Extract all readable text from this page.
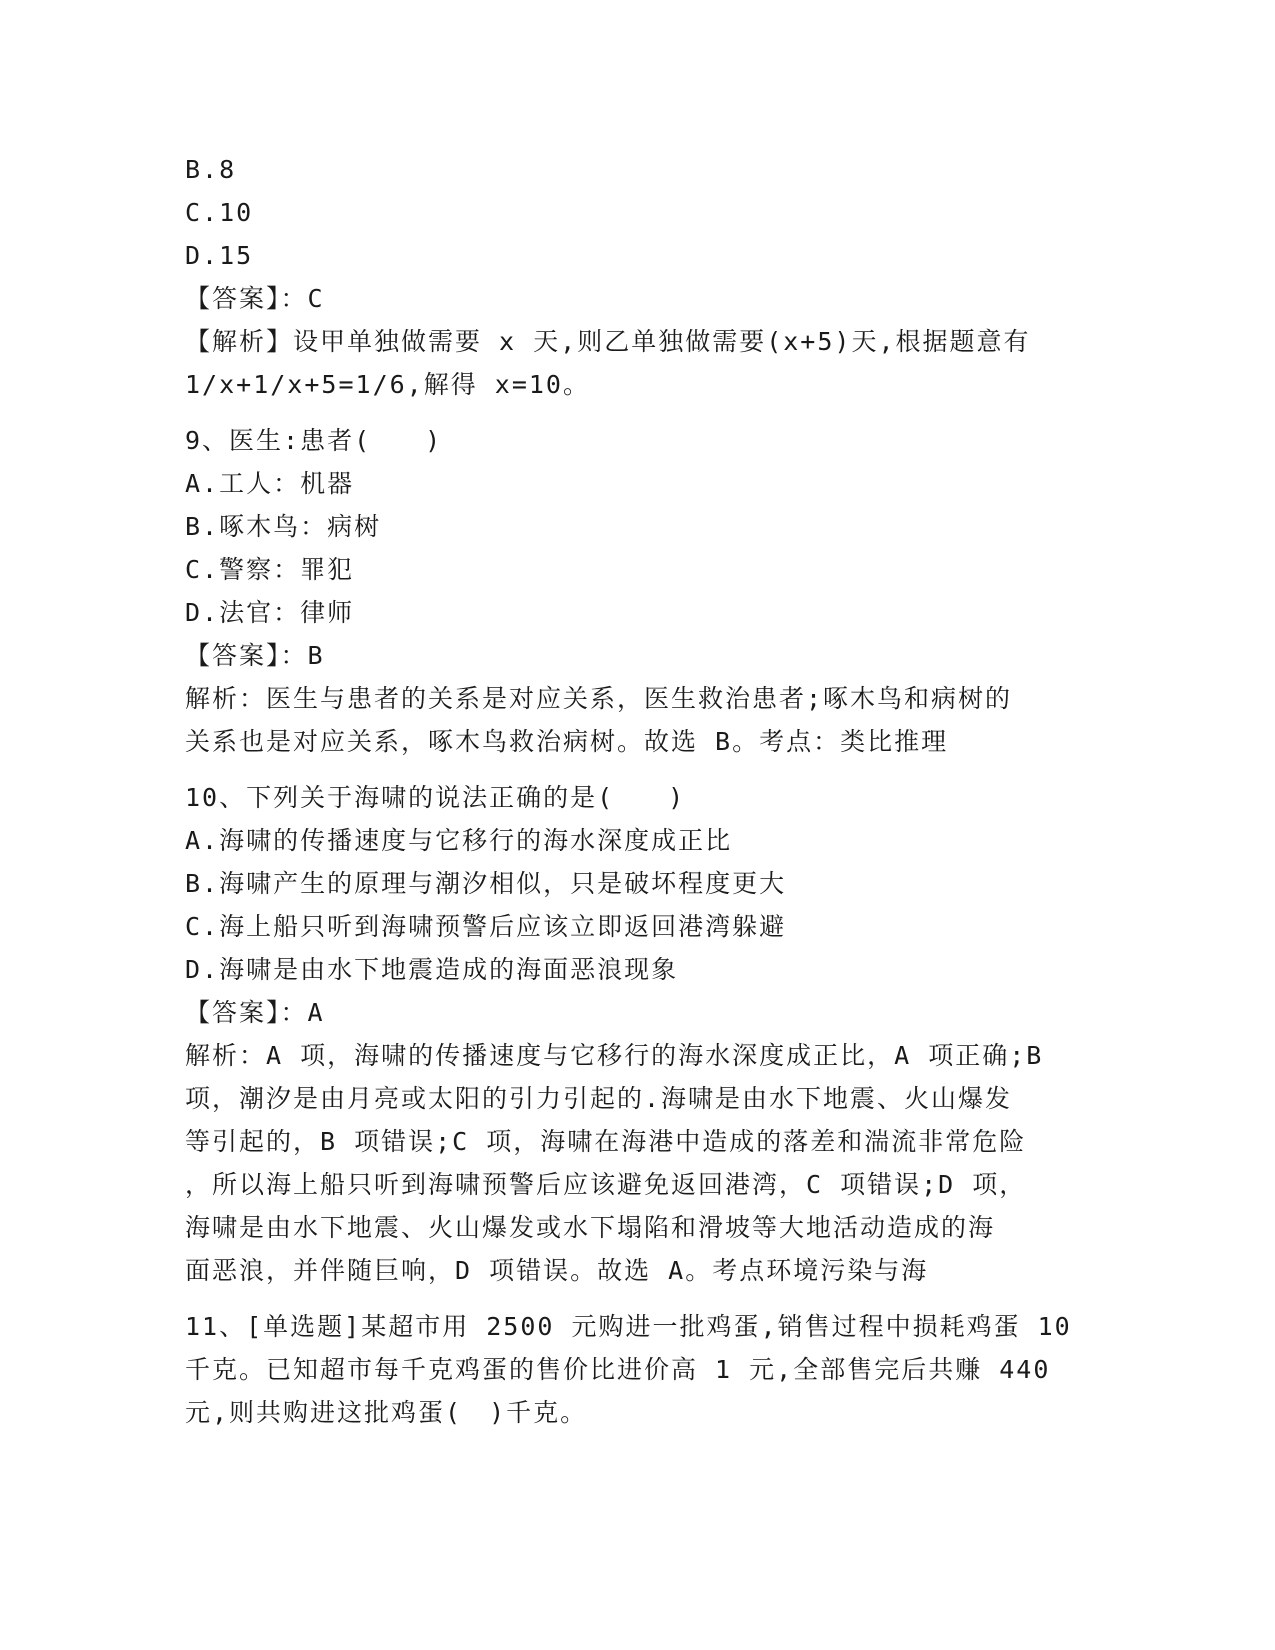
B.8
C.10
D.15
【答案】：C
【解析】设甲单独做需要 x 天,则乙单独做需要(x+5)天,根据题意有
1/x+1/x+5=1/6,解得 x=10。
9、医生:患者(　　)
A.工人：机器
B.啄木鸟：病树
C.警察：罪犯
D.法官：律师
【答案】：B
解析：医生与患者的关系是对应关系，医生救治患者;啄木鸟和病树的
关系也是对应关系，啄木鸟救治病树。故选 B。考点：类比推理
10、下列关于海啸的说法正确的是(　　)
A.海啸的传播速度与它移行的海水深度成正比
B.海啸产生的原理与潮汐相似，只是破坏程度更大
C.海上船只听到海啸预警后应该立即返回港湾躲避
D.海啸是由水下地震造成的海面恶浪现象
【答案】：A
解析：A 项，海啸的传播速度与它移行的海水深度成正比，A 项正确;B
项，潮汐是由月亮或太阳的引力引起的.海啸是由水下地震、火山爆发
等引起的，B 项错误;C 项，海啸在海港中造成的落差和湍流非常危险
，所以海上船只听到海啸预警后应该避免返回港湾，C 项错误;D 项，
海啸是由水下地震、火山爆发或水下塌陷和滑坡等大地活动造成的海
面恶浪，并伴随巨响，D 项错误。故选 A。考点环境污染与海
11、[单选题]某超市用 2500 元购进一批鸡蛋,销售过程中损耗鸡蛋 10
千克。已知超市每千克鸡蛋的售价比进价高 1 元,全部售完后共赚 440
元,则共购进这批鸡蛋(　)千克。
